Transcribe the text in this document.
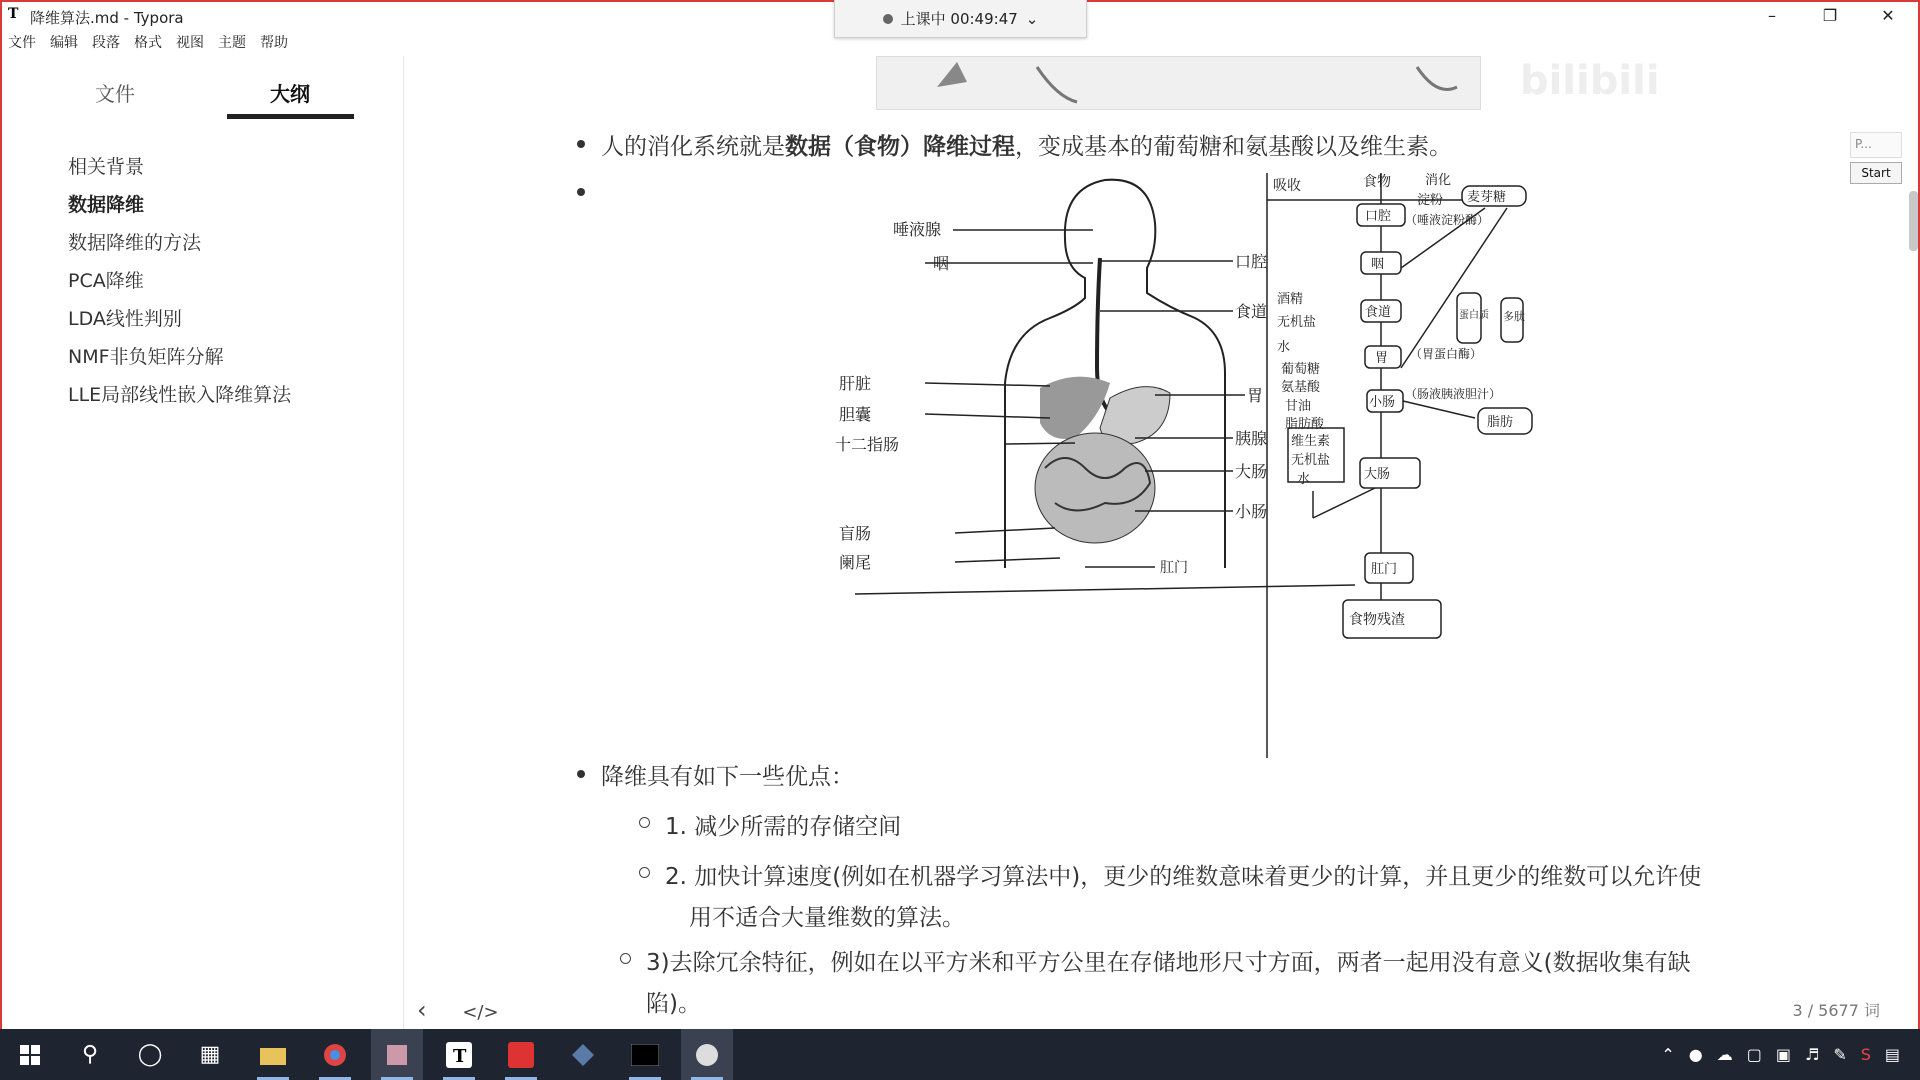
T 降维算法.md - Typora	–	❐	✕
文件	编辑	段落	格式	视图	主题	帮助
上课中 00:49:47 ⌄
文件	大纲
相关背景
数据降维
数据降维的方法
PCA降维
LDA线性判别
NMF非负矩阵分解
LLE局部线性嵌入降维算法
bilibili
人的消化系统就是数据（食物）降维过程，变成基本的葡萄糖和氨基酸以及维生素。
唾液腺
咽
肝脏
胆囊
十二指肠
盲肠
阑尾
口腔
食道
胃
胰腺
大肠
小肠
肛门
吸收	食物
口腔
咽
食道
胃
小肠
大肠
肛门
食物残渣
消化
淀粉 麦芽糖
（唾液淀粉酶）
蛋白质 多肽
（胃蛋白酶）
（肠液胰液胆汁）
脂肪
酒精
无机盐
水
葡萄糖
氨基酸
甘油
脂肪酸
维生素
无机盐
水
降维具有如下一些优点：
1. 减少所需的存储空间
2. 加快计算速度(例如在机器学习算法中)，更少的维数意味着更少的计算，并且更少的维数可以允许使
用不适合大量维数的算法。
3)去除冗余特征，例如在以平方米和平方公里在存储地形尺寸方面，两者一起用没有意义(数据收集有缺
陷)。
‹ </>	3 / 5677 词
P...
Start
⚲	◯	▦	T	⌃ ● ☁ ▢ ▣ ♬ ✎ S ▤
